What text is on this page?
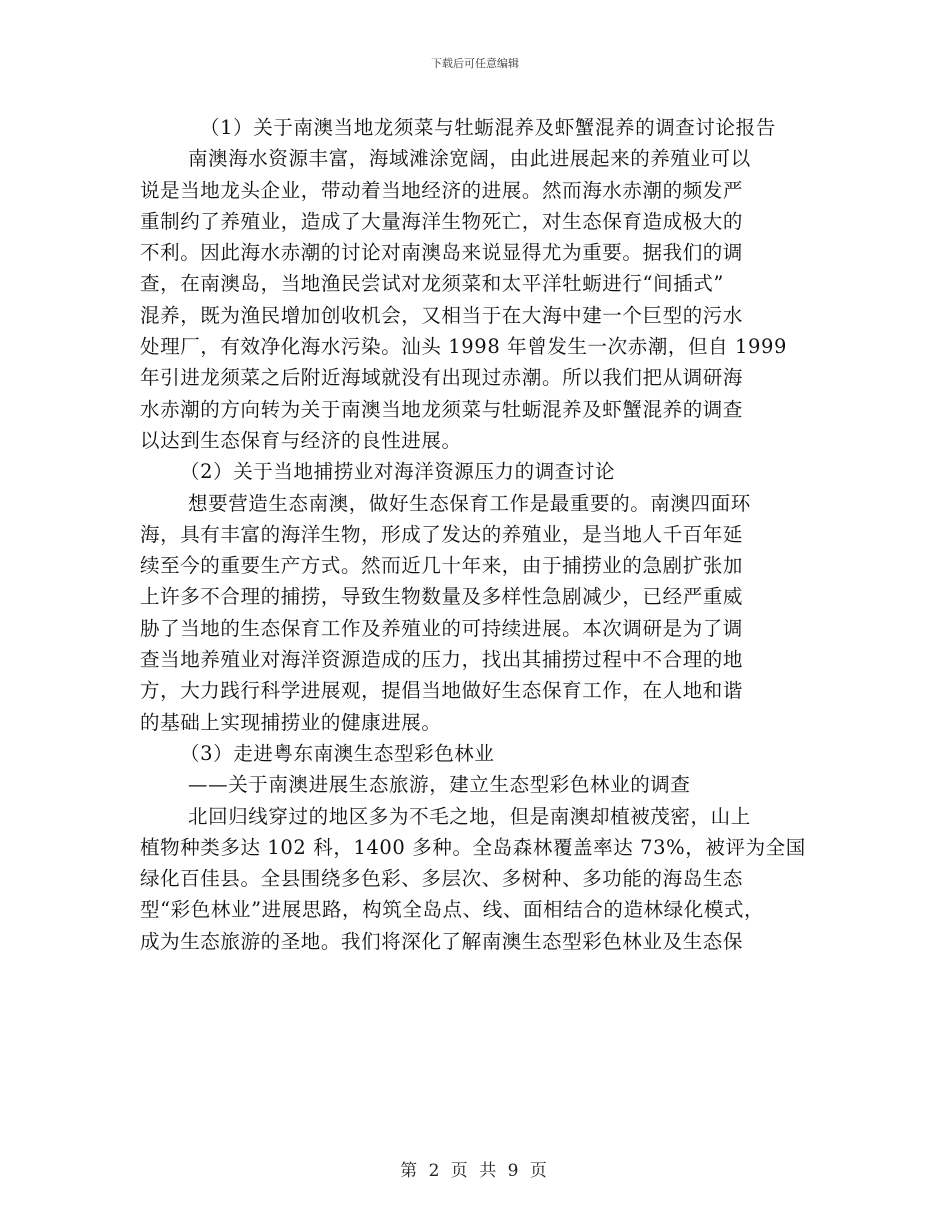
下载后可任意编辑
（1）关于南澳当地龙须菜与牡蛎混养及虾蟹混养的调查讨论报告
南澳海水资源丰富，海域滩涂宽阔，由此进展起来的养殖业可以
说是当地龙头企业，带动着当地经济的进展。然而海水赤潮的频发严
重制约了养殖业，造成了大量海洋生物死亡，对生态保育造成极大的
不利。因此海水赤潮的讨论对南澳岛来说显得尤为重要。据我们的调
查，在南澳岛，当地渔民尝试对龙须菜和太平洋牡蛎进行“间插式”
混养，既为渔民增加创收机会，又相当于在大海中建一个巨型的污水
处理厂，有效净化海水污染。汕头 1998 年曾发生一次赤潮，但自 1999
年引进龙须菜之后附近海域就没有出现过赤潮。所以我们把从调研海
水赤潮的方向转为关于南澳当地龙须菜与牡蛎混养及虾蟹混养的调查
以达到生态保育与经济的良性进展。
（2）关于当地捕捞业对海洋资源压力的调查讨论
想要营造生态南澳，做好生态保育工作是最重要的。南澳四面环
海，具有丰富的海洋生物，形成了发达的养殖业，是当地人千百年延
续至今的重要生产方式。然而近几十年来，由于捕捞业的急剧扩张加
上许多不合理的捕捞，导致生物数量及多样性急剧减少，已经严重威
胁了当地的生态保育工作及养殖业的可持续进展。本次调研是为了调
查当地养殖业对海洋资源造成的压力，找出其捕捞过程中不合理的地
方，大力践行科学进展观，提倡当地做好生态保育工作，在人地和谐
的基础上实现捕捞业的健康进展。
（3）走进粤东南澳生态型彩色林业
——关于南澳进展生态旅游，建立生态型彩色林业的调查
北回归线穿过的地区多为不毛之地，但是南澳却植被茂密，山上
植物种类多达 102 科，1400 多种。全岛森林覆盖率达 73%，被评为全国
绿化百佳县。全县围绕多色彩、多层次、多树种、多功能的海岛生态
型“彩色林业”进展思路，构筑全岛点、线、面相结合的造林绿化模式，
成为生态旅游的圣地。我们将深化了解南澳生态型彩色林业及生态保
第 2 页 共 9 页
